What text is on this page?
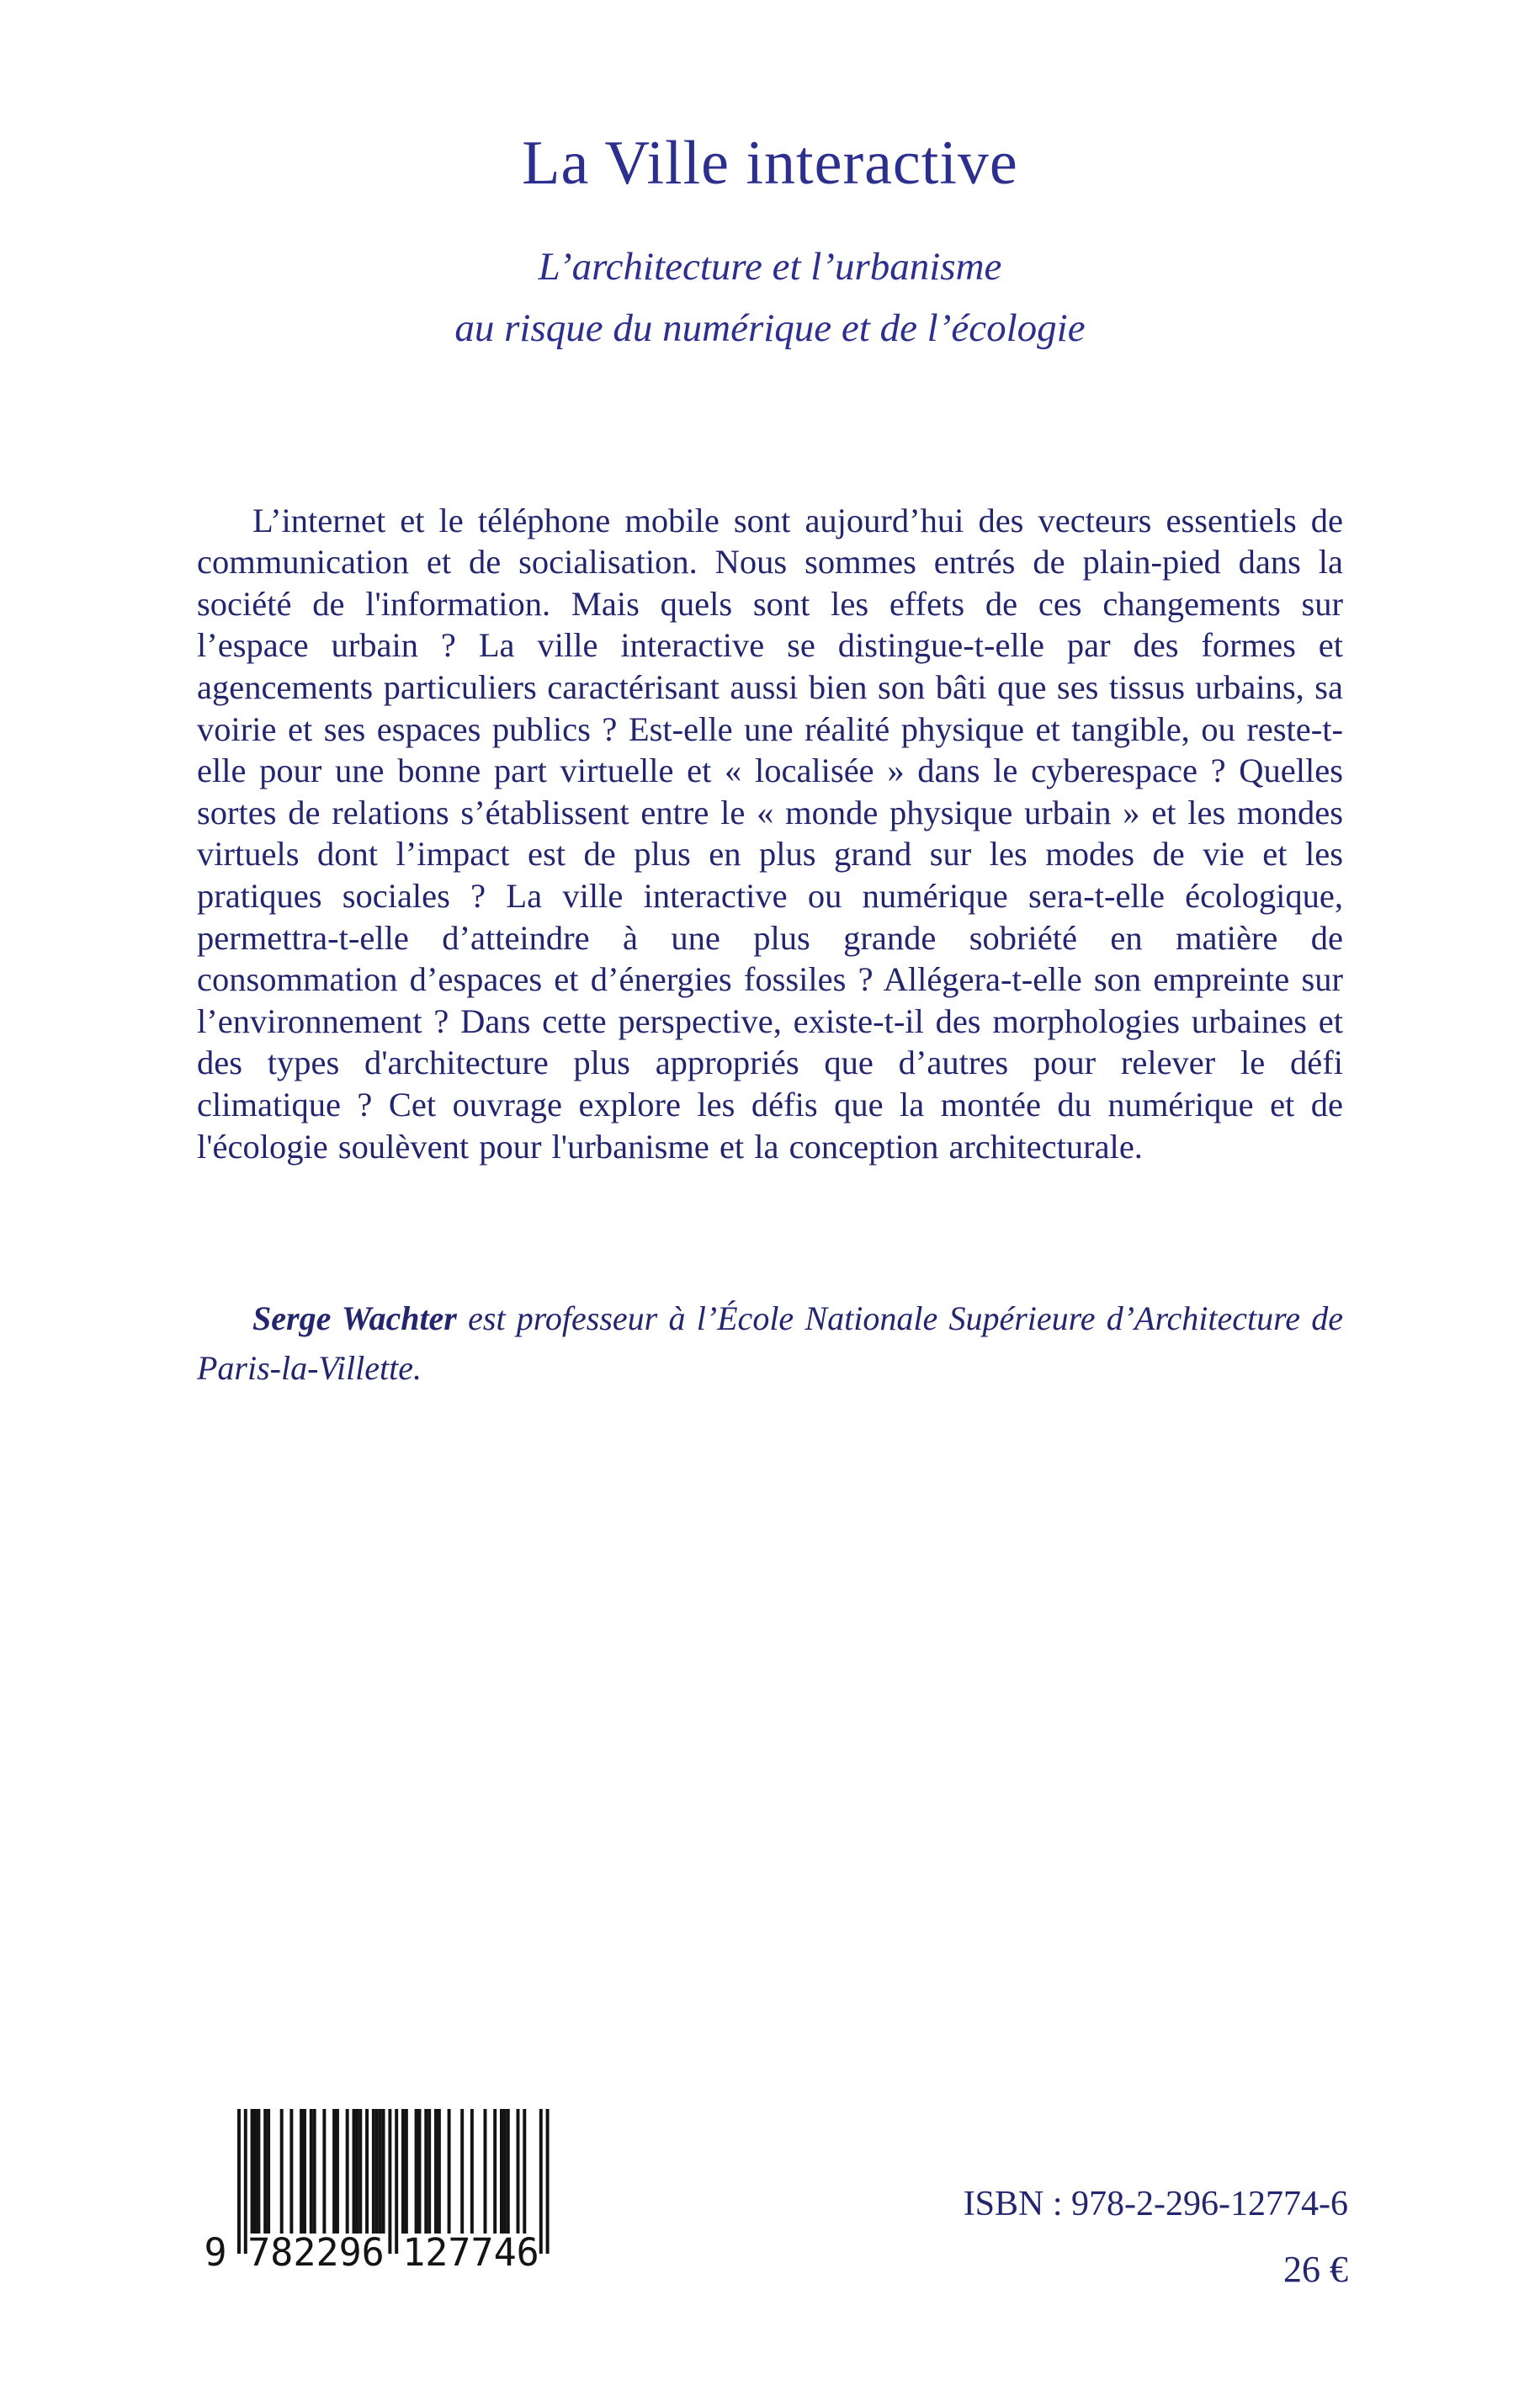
La Ville interactive
L’architecture et l’urbanisme
au risque du numérique et de l’écologie

L’internet et le téléphone mobile sont aujourd’hui des vecteurs essentiels de communication et de socialisation. Nous sommes entrés de plain-pied dans la société de l'information. Mais quels sont les effets de ces changements sur l’espace urbain ? La ville interactive se distingue-t-elle par des formes et agencements particuliers caractérisant aussi bien son bâti que ses tissus urbains, sa voirie et ses espaces publics ? Est-elle une réalité physique et tangible, ou reste-t-elle pour une bonne part virtuelle et « localisée » dans le cyberespace ? Quelles sortes de relations s’établissent entre le « monde physique urbain » et les mondes virtuels dont l’impact est de plus en plus grand sur les modes de vie et les pratiques sociales ? La ville interactive ou numérique sera-t-elle écologique, permettra-t-elle d’atteindre à une plus grande sobriété en matière de consommation d’espaces et d’énergies fossiles ? Allégera-t-elle son empreinte sur l’environnement ? Dans cette perspective, existe-t-il des morphologies urbaines et des types d'architecture plus appropriés que d’autres pour relever le défi climatique ? Cet ouvrage explore les défis que la montée du numérique et de l'écologie soulèvent pour l'urbanisme et la conception architecturale.

Serge Wachter est professeur à l’École Nationale Supérieure d’Architecture de Paris-la-Villette.

9 782296 127746
ISBN : 978-2-296-12774-6
26 €
